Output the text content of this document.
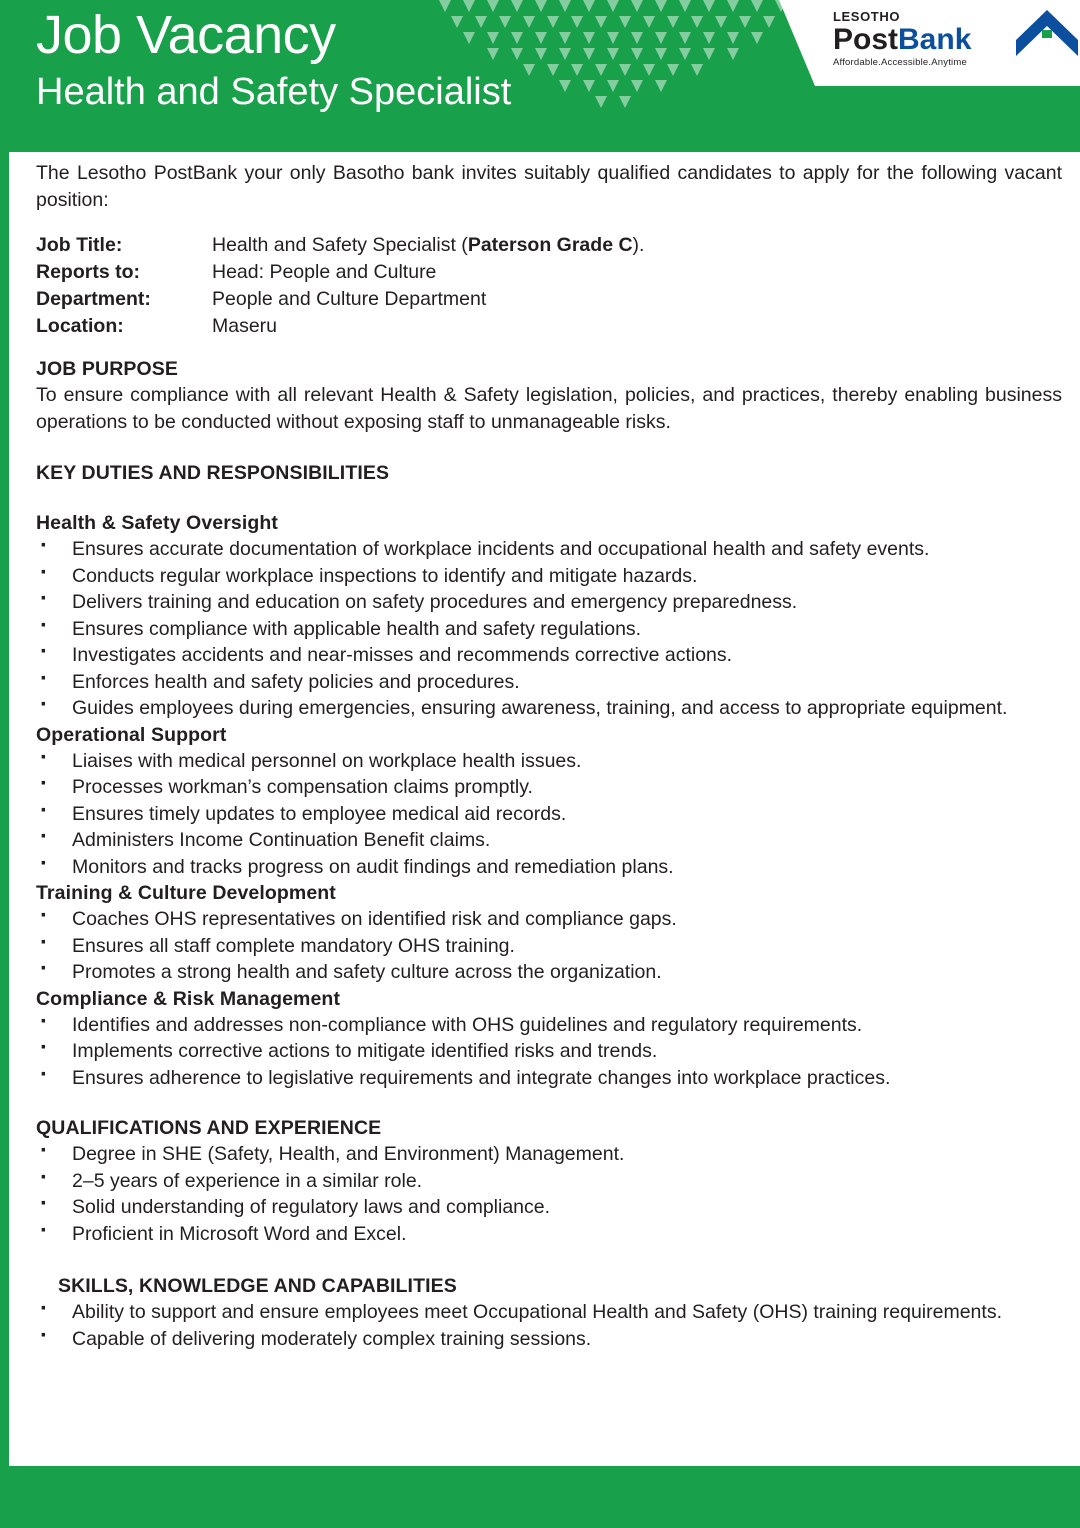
Job Vacancy
Health and Safety Specialist

LESOTHO

PostBank

Affordable.Accessible.Anytime

The Lesotho PostBank your only Basotho bank invites suitably qualified candidates to apply for the following vacant position:

Job Title:	Health and Safety Specialist (Paterson Grade C).
Reports to:	Head: People and Culture
Department:	People and Culture Department
Location:	Maseru
JOB PURPOSE

To ensure compliance with all relevant Health & Safety legislation, policies, and practices, thereby enabling business operations to be conducted without exposing staff to unmanageable risks.

KEY DUTIES AND RESPONSIBILITIES
Health & Safety Oversight
· Ensures accurate documentation of workplace incidents and occupational health and safety events.
· Conducts regular workplace inspections to identify and mitigate hazards.
· Delivers training and education on safety procedures and emergency preparedness.
· Ensures compliance with applicable health and safety regulations.
· Investigates accidents and near-misses and recommends corrective actions.
· Enforces health and safety policies and procedures.
· Guides employees during emergencies, ensuring awareness, training, and access to appropriate equipment.
Operational Support
· Liaises with medical personnel on workplace health issues.
· Processes workman’s compensation claims promptly.
· Ensures timely updates to employee medical aid records.
· Administers Income Continuation Benefit claims.
· Monitors and tracks progress on audit findings and remediation plans.
Training & Culture Development
· Coaches OHS representatives on identified risk and compliance gaps.
· Ensures all staff complete mandatory OHS training.
· Promotes a strong health and safety culture across the organization.
Compliance & Risk Management
· Identifies and addresses non-compliance with OHS guidelines and regulatory requirements.
· Implements corrective actions to mitigate identified risks and trends.
· Ensures adherence to legislative requirements and integrate changes into workplace practices.
QUALIFICATIONS AND EXPERIENCE
· Degree in SHE (Safety, Health, and Environment) Management.
· 2–5 years of experience in a similar role.
· Solid understanding of regulatory laws and compliance.
· Proficient in Microsoft Word and Excel.

SKILLS, KNOWLEDGE AND CAPABILITIES

· Ability to support and ensure employees meet Occupational Health and Safety (OHS) training requirements.
· Capable of delivering moderately complex training sessions.
